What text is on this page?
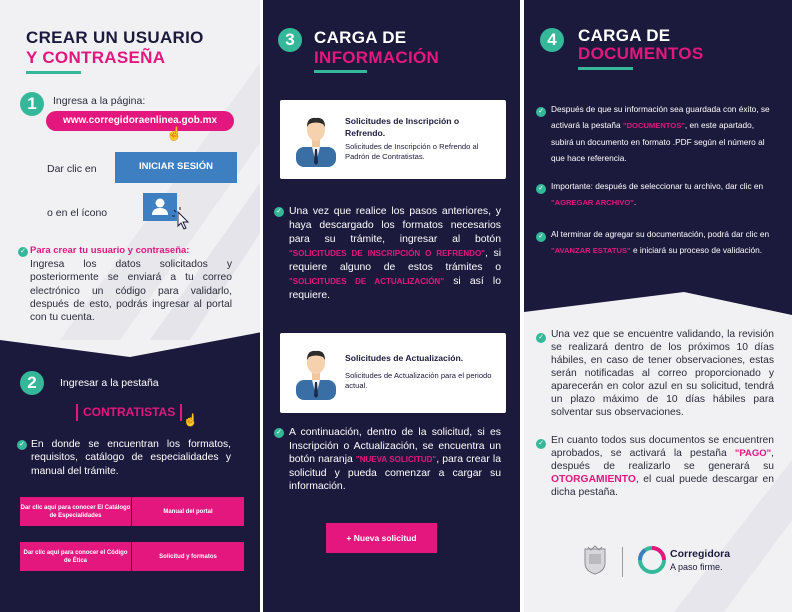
CREAR UN USUARIO
Y CONTRASEÑA
1	Ingresa a la página:
www.corregidoraenlinea.gob.mx
☝
Dar clic en	INICIAR SESIÓN
o en el ícono
✓ Para crear tu usuario y contraseña:
Ingresa los datos solicitados y posteriormente se enviará a tu correo electrónico un código para validarlo, después de esto, podrás ingresar al portal con tu cuenta.
2	Ingresar a la pestaña
CONTRATISTAS
☝
✓ En donde se encuentran los formatos, requisitos, catálogo de especialidades y manual del trámite.
Dar clic aquí para conocer El Catálogo de Especialidades
Manual del portal
Dar clic aquí para conocer el Código de Ética
Solicitud y formatos
3	CARGA DE
INFORMACIÓN
Solicitudes de Inscripción o Refrendo.
Solicitudes de Inscripción o Refrendo al Padrón de Contratistas.
✓ Una vez que realice los pasos anteriores, y haya descargado los formatos necesarios para su trámite, ingresar al botón "SOLICITUDES DE INSCRIPCIÓN O REFRENDO", si requiere alguno de estos trámites o "SOLICITUDES DE ACTUALIZACIÓN" si así lo requiere.
Solicitudes de Actualización.
Solicitudes de Actualización para el periodo actual.
✓ A continuación, dentro de la solicitud, si es Inscripción o Actualización, se encuentra un botón naranja "NUEVA SOLICITUD", para crear la solicitud y pueda comenzar a cargar su información.
+ Nueva solicitud
4	CARGA DE
DOCUMENTOS
✓ Después de que su información sea guardada con éxito, se activará la pestaña "DOCUMENTOS", en este apartado, subirá un documento en formato .PDF según el número al que hace referencia.
✓ Importante: después de seleccionar tu archivo, dar clic en "AGREGAR ARCHIVO".
✓ Al terminar de agregar su documentación, podrá dar clic en "AVANZAR ESTATUS" e iniciará su proceso de validación.
✓ Una vez que se encuentre validando, la revisión se realizará dentro de los próximos 10 días hábiles, en caso de tener observaciones, estas serán notificadas al correo proporcionado y aparecerán en color azul en su solicitud, tendrá un plazo máximo de 10 días hábiles para solventar sus observaciones.
✓ En cuanto todos sus documentos se encuentren aprobados, se activará la pestaña "PAGO", después de realizarlo se generará su OTORGAMIENTO, el cual puede descargar en dicha pestaña.
Corregidora
A paso firme.
